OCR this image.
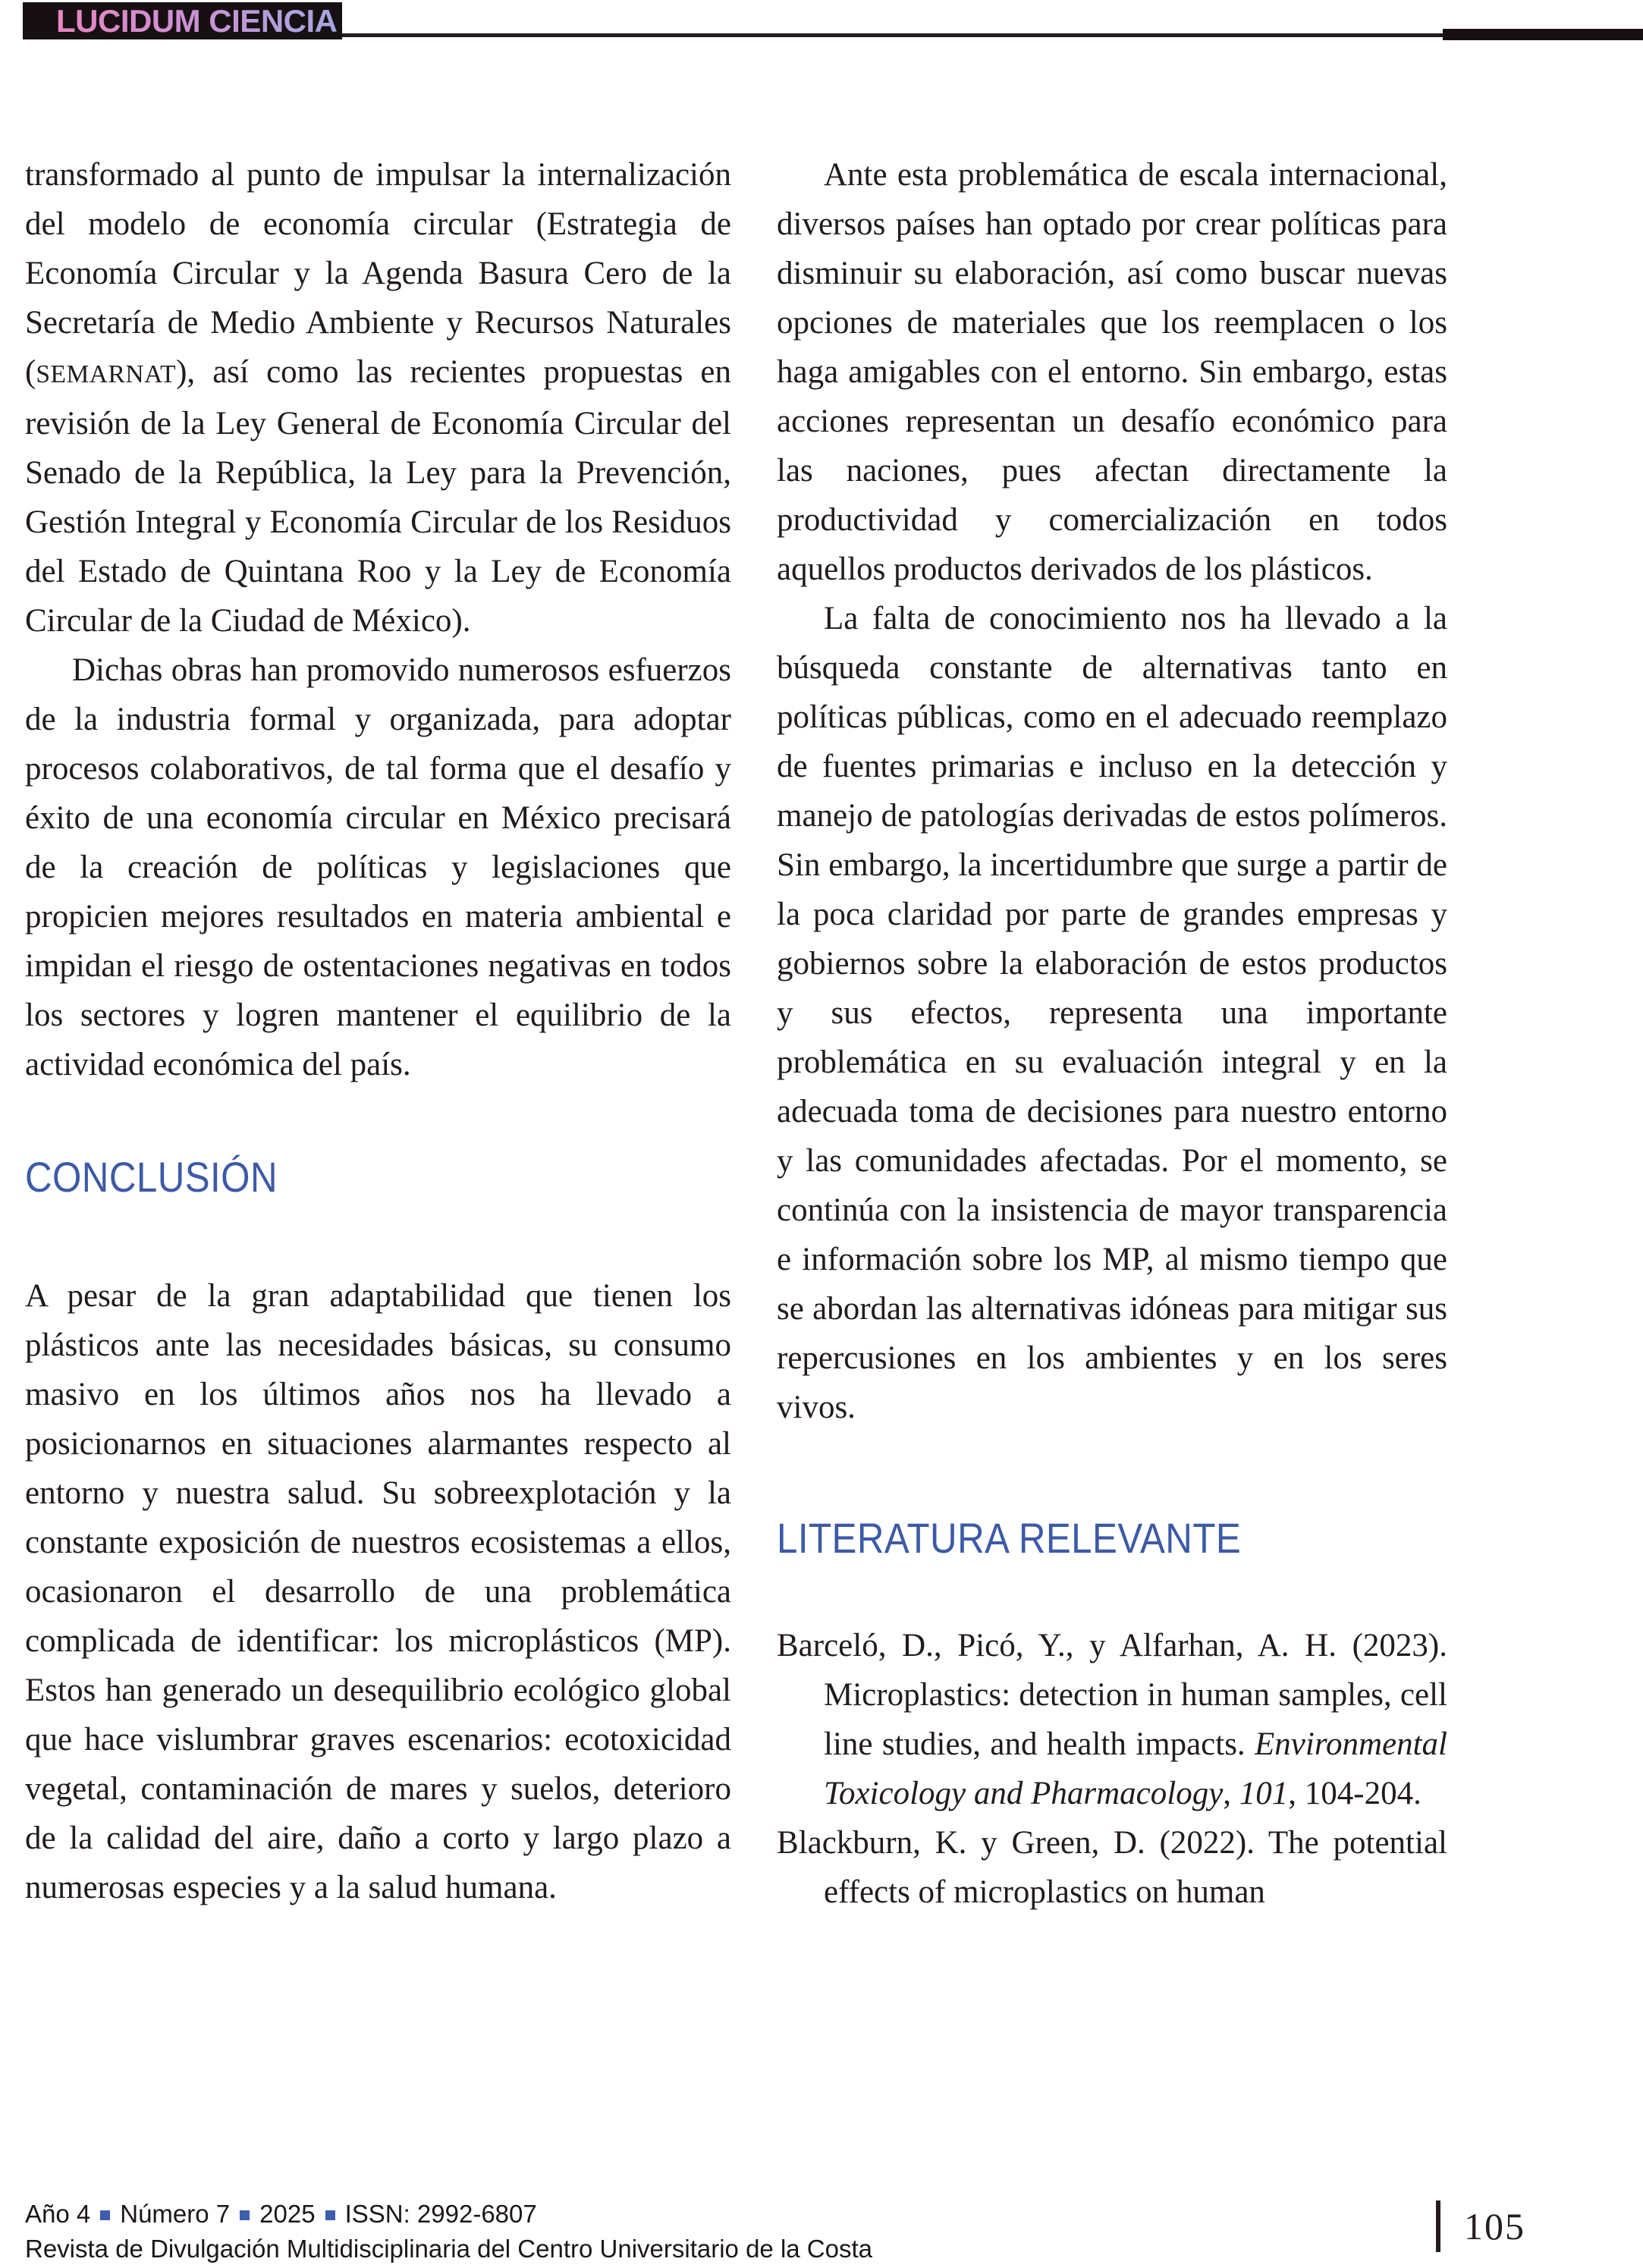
LUCIDUM CIENCIA

transformado al punto de impulsar la internalización del modelo de economía circular (Estrategia de Economía Circular y la Agenda Basura Cero de la Secretaría de Medio Ambiente y Recursos Naturales (SEMARNAT), así como las recientes propuestas en revisión de la Ley General de Economía Circular del Senado de la República, la Ley para la Prevención, Gestión Integral y Economía Circular de los Residuos del Estado de Quintana Roo y la Ley de Economía Circular de la Ciudad de México).

Dichas obras han promovido numerosos esfuerzos de la industria formal y organizada, para adoptar procesos colaborativos, de tal forma que el desafío y éxito de una economía circular en México precisará de la creación de políticas y legislaciones que propicien mejores resultados en materia ambiental e impidan el riesgo de ostentaciones negativas en todos los sectores y logren mantener el equilibrio de la actividad económica del país.

CONCLUSIÓN

A pesar de la gran adaptabilidad que tienen los plásticos ante las necesidades básicas, su consumo masivo en los últimos años nos ha llevado a posicionarnos en situaciones alarmantes respecto al entorno y nuestra salud. Su sobreexplotación y la constante exposición de nuestros ecosistemas a ellos, ocasionaron el desarrollo de una problemática complicada de identificar: los microplásticos (MP). Estos han generado un desequilibrio ecológico global que hace vislumbrar graves escenarios: ecotoxicidad vegetal, contaminación de mares y suelos, deterioro de la calidad del aire, daño a corto y largo plazo a numerosas especies y a la salud humana.

Ante esta problemática de escala internacional, diversos países han optado por crear políticas para disminuir su elaboración, así como buscar nuevas opciones de materiales que los reemplacen o los haga amigables con el entorno. Sin embargo, estas acciones representan un desafío económico para las naciones, pues afectan directamente la productividad y comercialización en todos aquellos productos derivados de los plásticos.

La falta de conocimiento nos ha llevado a la búsqueda constante de alternativas tanto en políticas públicas, como en el adecuado reemplazo de fuentes primarias e incluso en la detección y manejo de patologías derivadas de estos polímeros. Sin embargo, la incertidumbre que surge a partir de la poca claridad por parte de grandes empresas y gobiernos sobre la elaboración de estos productos y sus efectos, representa una importante problemática en su evaluación integral y en la adecuada toma de decisiones para nuestro entorno y las comunidades afectadas. Por el momento, se continúa con la insistencia de mayor transparencia e información sobre los MP, al mismo tiempo que se abordan las alternativas idóneas para mitigar sus repercusiones en los ambientes y en los seres vivos.

LITERATURA RELEVANTE

Barceló, D., Picó, Y., y Alfarhan, A. H. (2023). Microplastics: detection in human samples, cell line studies, and health impacts. Environmental Toxicology and Pharmacology, 101, 104-204.

Blackburn, K. y Green, D. (2022). The potential effects of microplastics on human

Año 4 Número 7 2025 ISSN: 2992-6807
Revista de Divulgación Multidisciplinaria del Centro Universitario de la Costa
105
